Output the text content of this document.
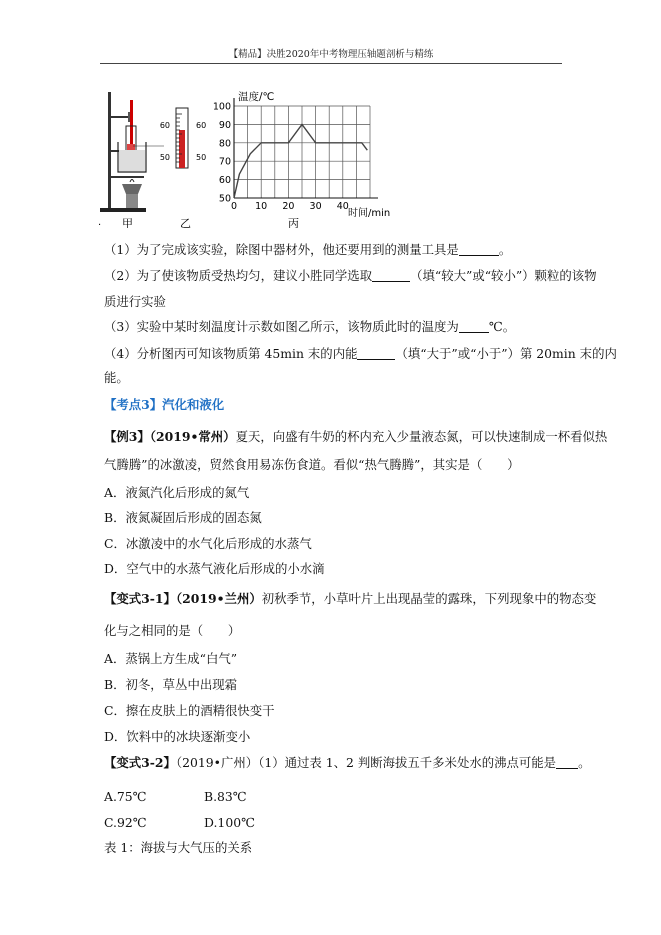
【精品】决胜2020年中考物理压轴题剖析与精练
60
50
60
50
0 10 20 30 40
50
60
70
80
90
100
温度/℃
时间/min
甲	乙	丙
.
（1）为了完成该实验，除图中器材外，他还要用到的测量工具是	。
（2）为了使该物质受热均匀，建议小胜同学选取	（填“较大”或“较小”）颗粒的该物
质进行实验
（3）实验中某时刻温度计示数如图乙所示，该物质此时的温度为 ℃。
（4）分析图丙可知该物质第 45min 末的内能	（填“大于”或“小于”）第 20min 末的内
能。
【考点3】汽化和液化
【例3】（2019•常州）夏天，向盛有牛奶的杯内充入少量液态氮，可以快速制成一杯看似热
气腾腾”的冰激凌，贸然食用易冻伤食道。看似“热气腾腾”，其实是（　　）
A．液氮汽化后形成的氮气
B．液氮凝固后形成的固态氮
C．冰激凌中的水气化后形成的水蒸气
D．空气中的水蒸气液化后形成的小水滴
【变式3-1】（2019•兰州）初秋季节，小草叶片上出现晶莹的露珠，下列现象中的物态变
化与之相同的是（　　）
A．蒸锅上方生成“白气”
B．初冬，草丛中出现霜
C．擦在皮肤上的酒精很快变干
D．饮料中的冰块逐渐变小
【变式3-2】（2019•广州）（1）通过表 1、2 判断海拔五千多米处水的沸点可能是 。
A.75℃	B.83℃
C.92℃	D.100℃
表 1：海拔与大气压的关系
